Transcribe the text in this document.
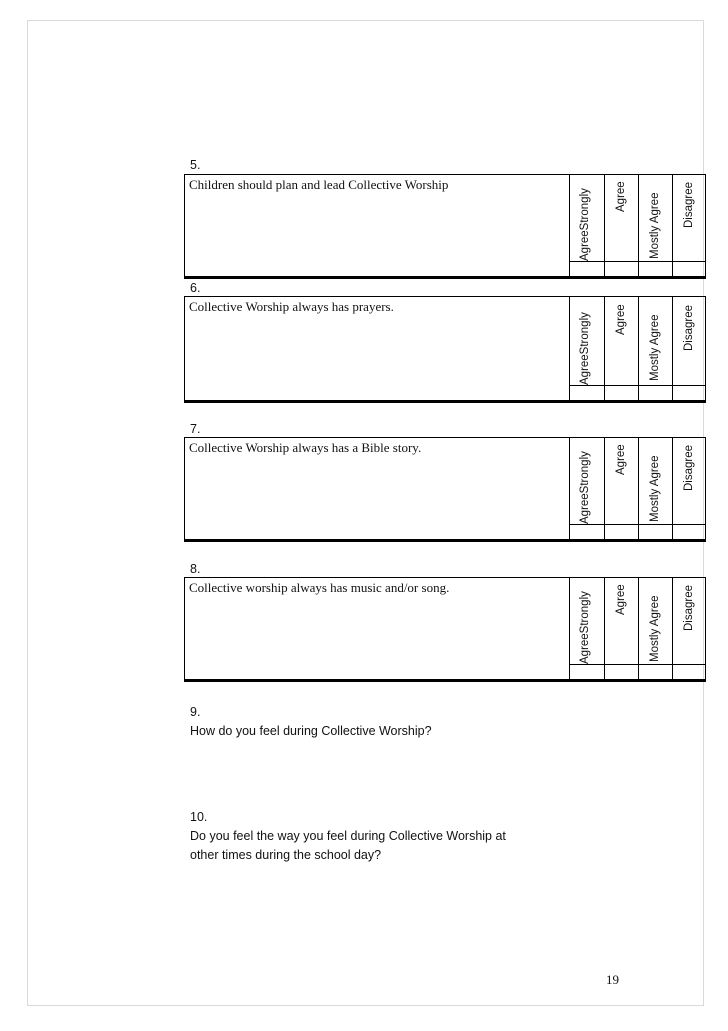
5.
Children should plan and lead Collective Worship
AgreeStrongly Agree Mostly Agree Disagree
6.
Collective Worship always has prayers.
AgreeStrongly Agree Mostly Agree Disagree
7.
Collective Worship always has a Bible story.
AgreeStrongly Agree Mostly Agree Disagree
8.
Collective worship always has music and/or song.
AgreeStrongly Agree Mostly Agree Disagree
9.
How do you feel during Collective Worship?
10.
Do you feel the way you feel during Collective Worship at
other times during the school day?
19
